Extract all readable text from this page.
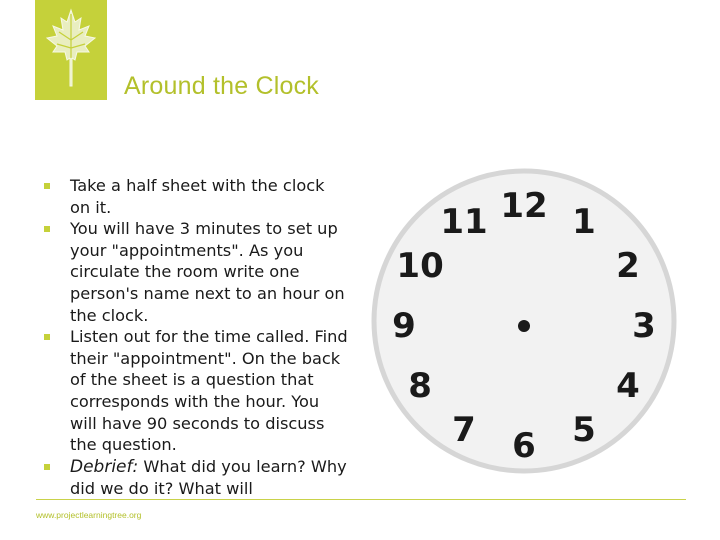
Around the Clock
Take a half sheet with the clock on it.
You will have 3 minutes to set up your "appointments". As you circulate the room write one person's name next to an hour on the clock.
Listen out for the time called. Find their "appointment". On the back of the sheet is a question that corresponds with the hour. You will have 90 seconds to discuss the question.
Debrief: What did you learn? Why did we do it? What will
www.projectlearningtree.org
12 1
2
3
4
5
6
7
8
9
10
11
